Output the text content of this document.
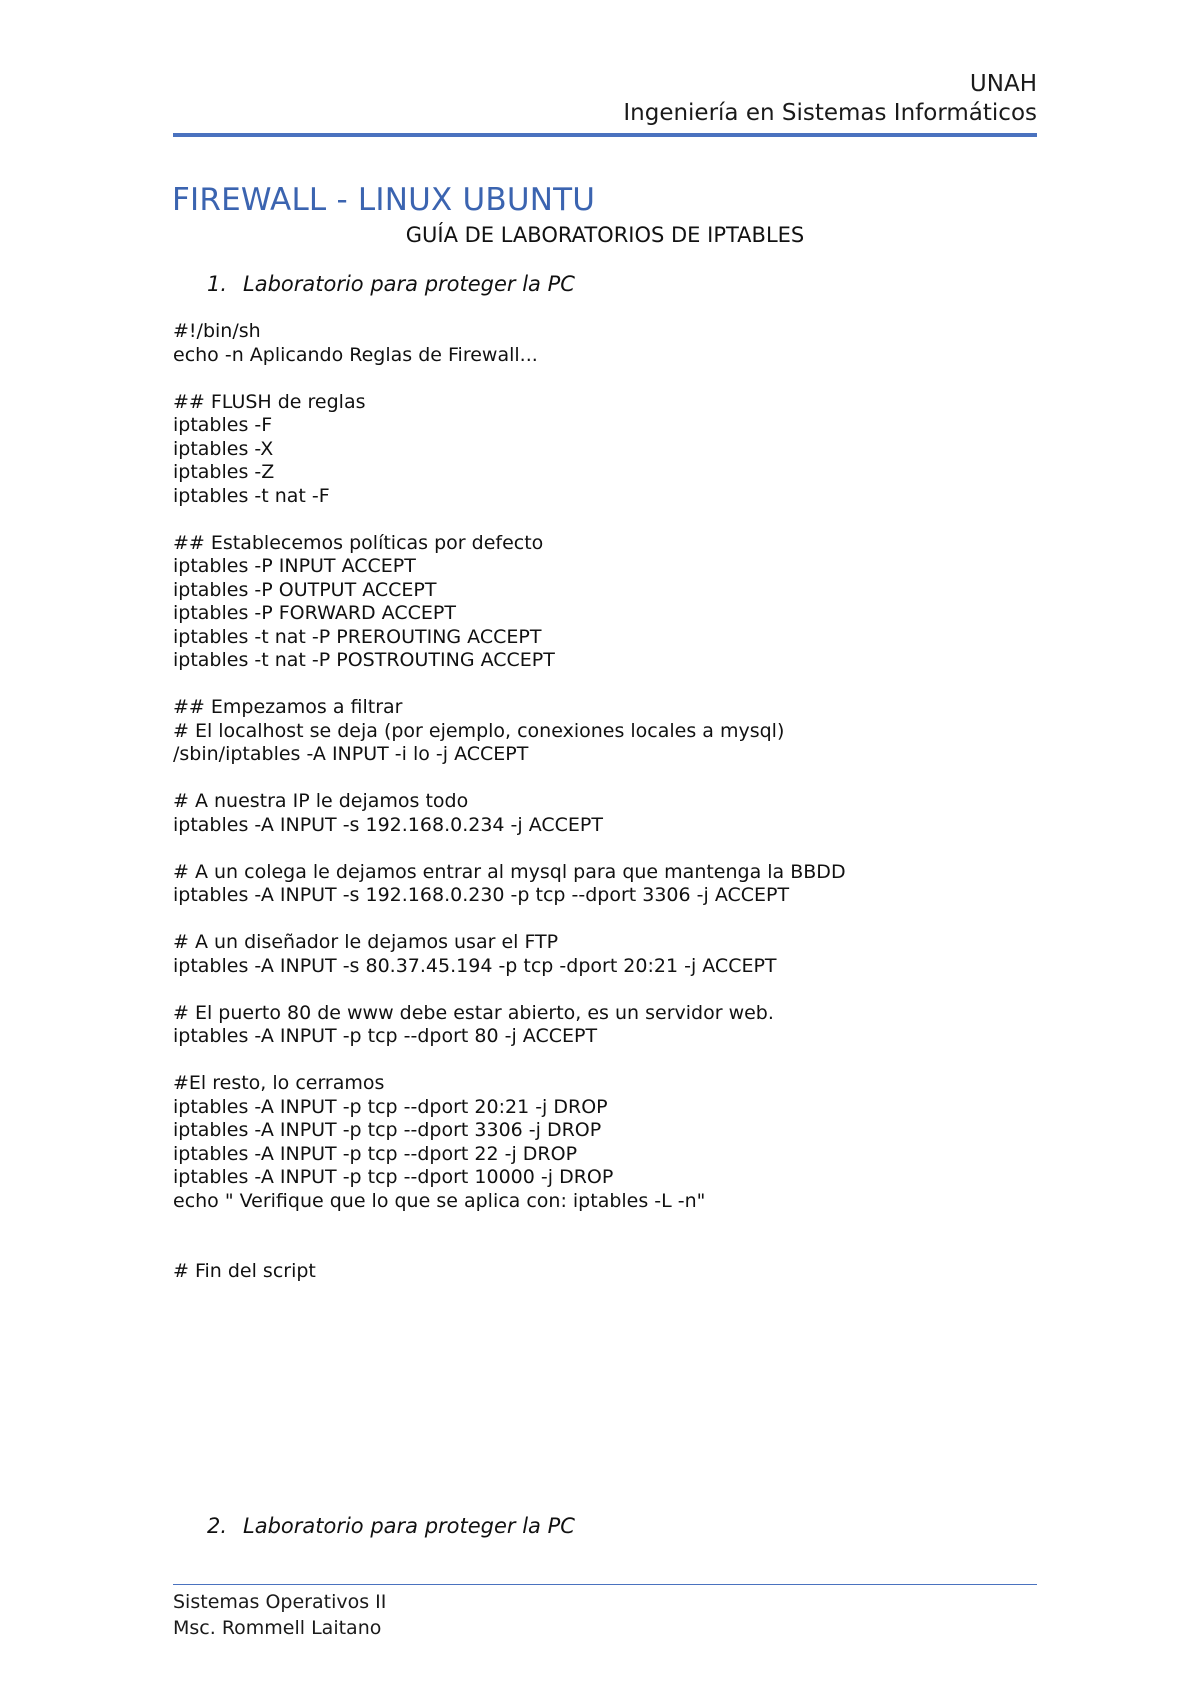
UNAH
Ingeniería en Sistemas Informáticos
FIREWALL - LINUX UBUNTU
GUÍA DE LABORATORIOS DE IPTABLES
1. Laboratorio para proteger la PC
#!/bin/sh
echo -n Aplicando Reglas de Firewall...
## FLUSH de reglas
iptables -F
iptables -X
iptables -Z
iptables -t nat -F
## Establecemos políticas por defecto
iptables -P INPUT ACCEPT
iptables -P OUTPUT ACCEPT
iptables -P FORWARD ACCEPT
iptables -t nat -P PREROUTING ACCEPT
iptables -t nat -P POSTROUTING ACCEPT
## Empezamos a filtrar
# El localhost se deja (por ejemplo, conexiones locales a mysql)
/sbin/iptables -A INPUT -i lo -j ACCEPT
# A nuestra IP le dejamos todo
iptables -A INPUT -s 192.168.0.234 -j ACCEPT
# A un colega le dejamos entrar al mysql para que mantenga la BBDD
iptables -A INPUT -s 192.168.0.230 -p tcp --dport 3306 -j ACCEPT
# A un diseñador le dejamos usar el FTP
iptables -A INPUT -s 80.37.45.194 -p tcp -dport 20:21 -j ACCEPT
# El puerto 80 de www debe estar abierto, es un servidor web.
iptables -A INPUT -p tcp --dport 80 -j ACCEPT
#El resto, lo cerramos
iptables -A INPUT -p tcp --dport 20:21 -j DROP
iptables -A INPUT -p tcp --dport 3306 -j DROP
iptables -A INPUT -p tcp --dport 22 -j DROP
iptables -A INPUT -p tcp --dport 10000 -j DROP
echo " Verifique que lo que se aplica con: iptables -L -n"
# Fin del script
2. Laboratorio para proteger la PC
Sistemas Operativos II
Msc. Rommell Laitano
